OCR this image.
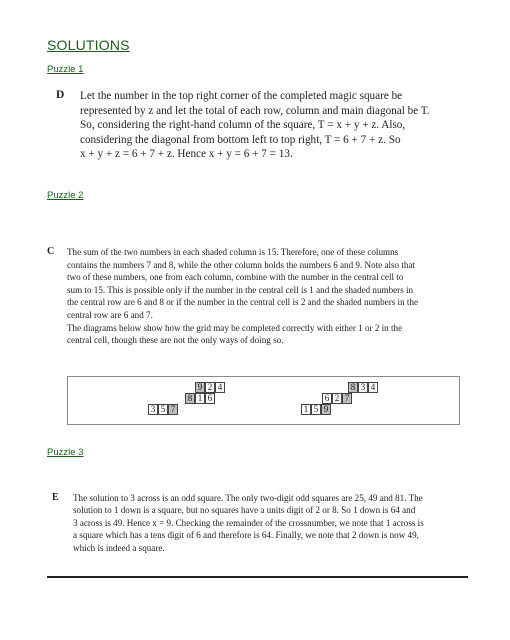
SOLUTIONS
Puzzle 1
D Let the number in the top right corner of the completed magic square be
represented by z and let the total of each row, column and main diagonal be T.
So, considering the right-hand column of the square, T = x + y + z. Also,
considering the diagonal from bottom left to top right, T = 6 + 7 + z. So
x + y + z = 6 + 7 + z. Hence x + y = 6 + 7 = 13.
Puzzle 2
C The sum of the two numbers in each shaded column is 15. Therefore, one of these columns
contains the numbers 7 and 8, while the other column holds the numbers 6 and 9. Note also that
two of these numbers, one from each column, combine with the number in the central cell to
sum to 15. This is possible only if the number in the central cell is 1 and the shaded numbers in
the central row are 6 and 8 or if the number in the central cell is 2 and the shaded numbers in the
central row are 6 and 7.
The diagrams below show how the grid may be completed correctly with either 1 or 2 in the
central cell, though these are not the only ways of doing so.
9 2 4
8 1 6
3 5 7
8 3 4
6 2 7
1 5 9
Puzzle 3
E The solution to 3 across is an odd square. The only two-digit odd squares are 25, 49 and 81. The
solution to 1 down is a square, but no squares have a units digit of 2 or 8. So 1 down is 64 and
3 across is 49. Hence x = 9. Checking the remainder of the crossnumber, we note that 1 across is
a square which has a tens digit of 6 and therefore is 64. Finally, we note that 2 down is now 49,
which is indeed a square.
